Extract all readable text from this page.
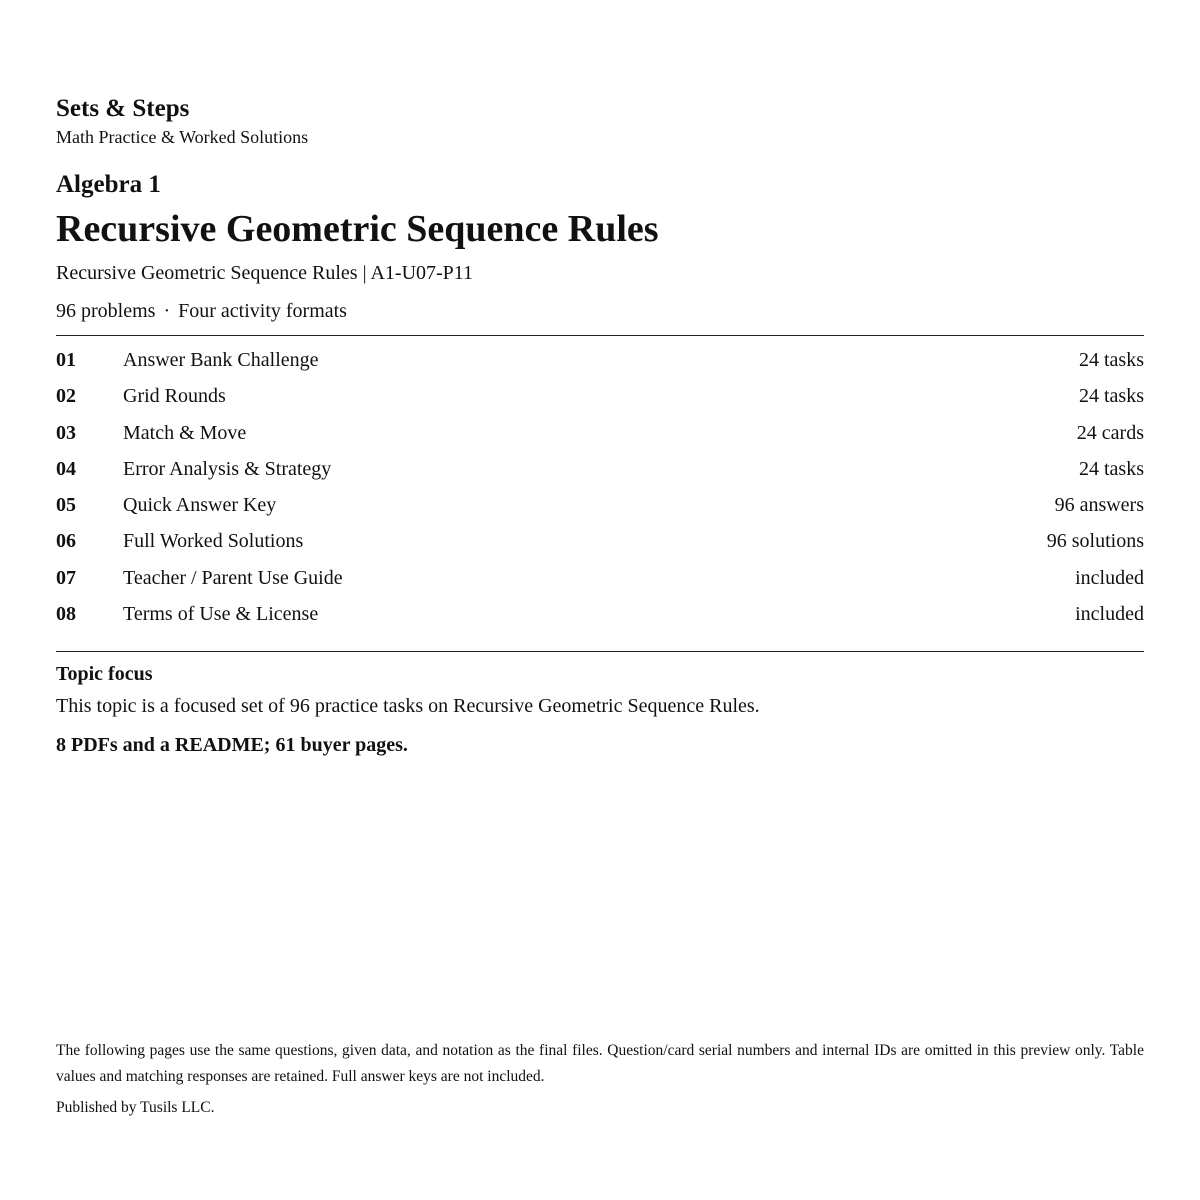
Sets & Steps
Math Practice & Worked Solutions
Algebra 1
Recursive Geometric Sequence Rules
Recursive Geometric Sequence Rules | A1-U07-P11
96 problems · Four activity formats
01 Answer Bank Challenge	24 tasks
02 Grid Rounds	24 tasks
03 Match & Move	24 cards
04 Error Analysis & Strategy	24 tasks
05 Quick Answer Key	96 answers
06 Full Worked Solutions	96 solutions
07 Teacher / Parent Use Guide	included
08 Terms of Use & License	included
Topic focus
This topic is a focused set of 96 practice tasks on Recursive Geometric Sequence Rules.
8 PDFs and a README; 61 buyer pages.
The following pages use the same questions, given data, and notation as the final files. Question/card serial numbers and internal IDs are omitted in this preview only. Table values and matching responses are retained. Full answer keys are not included.
Published by Tusils LLC.
